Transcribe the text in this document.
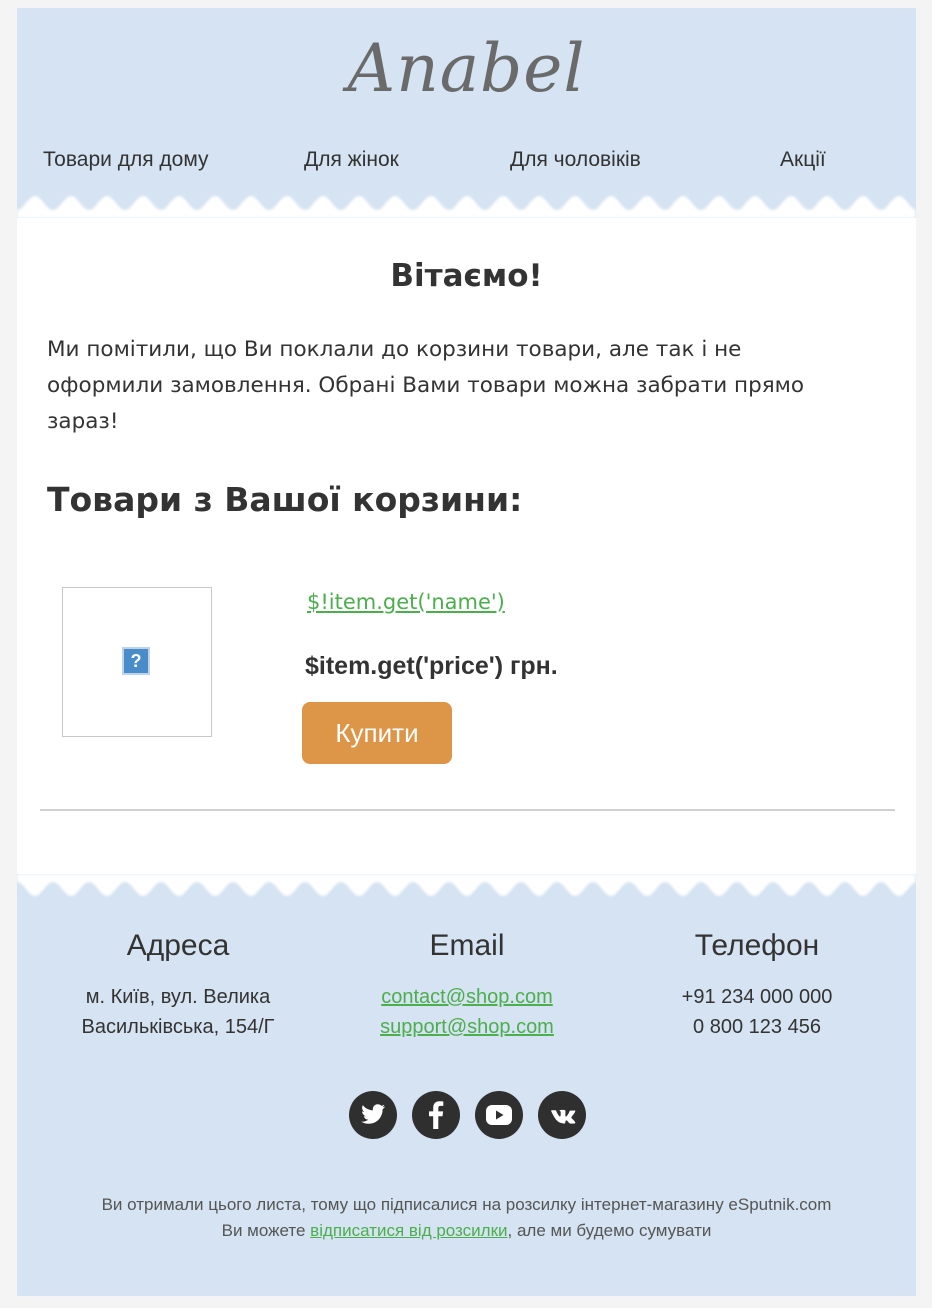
Anabel
Товари для дому	Для жінок	Для чоловіків	Акції
Вітаємо!
Ми помітили, що Ви поклали до корзини товари, але так і не оформили замовлення. Обрані Вами товари можна забрати прямо зараз!
Товари з Вашої корзини:
?
$!item.get('name')
$item.get('price') грн.
Купити
Адреса
м. Київ, вул. Велика
Васильківська, 154/Г
Email
contact@shop.com
support@shop.com
Телефон
+91 234 000 000
0 800 123 456
Ви отримали цього листа, тому що підписалися на розсилку інтернет-магазину eSputnik.com
Ви можете відписатися від розсилки, але ми будемо сумувати
